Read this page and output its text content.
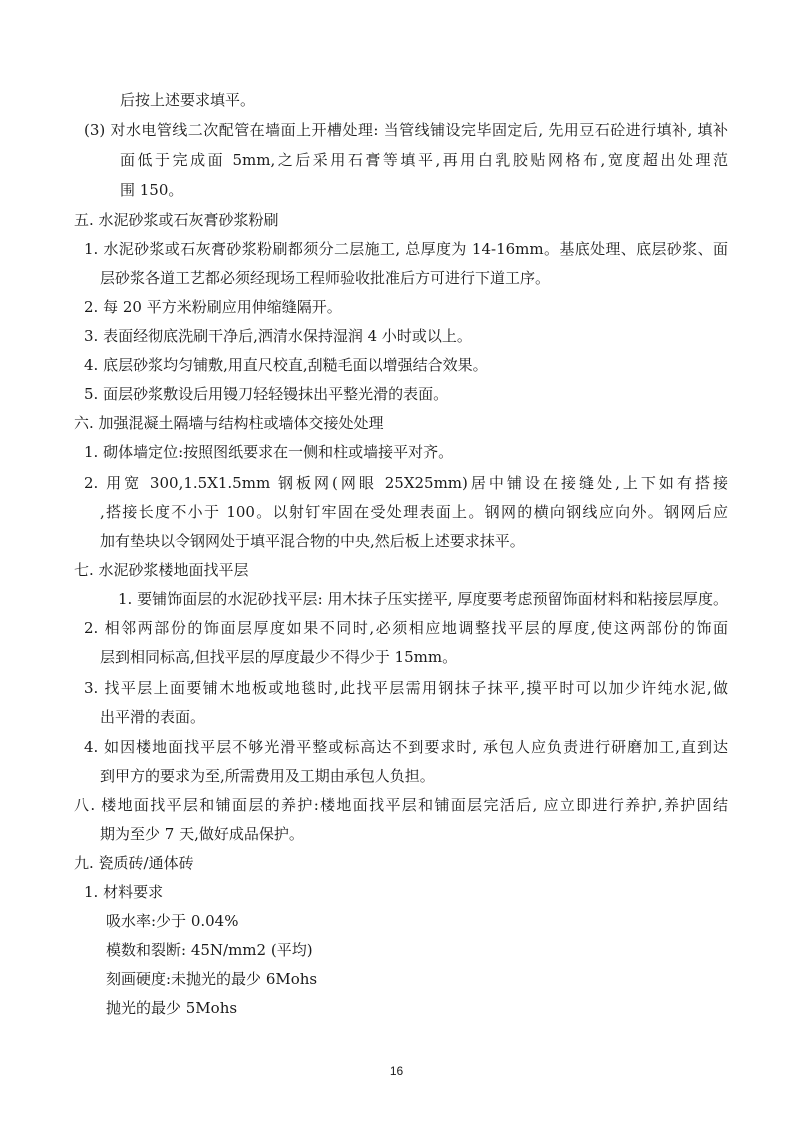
后按上述要求填平。
(3) 对水电管线二次配管在墙面上开槽处理: 当管线铺设完毕固定后, 先用豆石砼进行填补, 填补
面低于完成面 5mm,之后采用石膏等填平,再用白乳胶贴网格布,宽度超出处理范
围 150。
五. 水泥砂浆或石灰膏砂浆粉刷
1. 水泥砂浆或石灰膏砂浆粉刷都须分二层施工, 总厚度为 14-16mm。基底处理、底层砂浆、面
层砂浆各道工艺都必须经现场工程师验收批准后方可进行下道工序。
2. 每 20 平方米粉刷应用伸缩缝隔开。
3. 表面经彻底洗刷干净后,洒清水保持湿润 4 小时或以上。
4. 底层砂浆均匀铺敷,用直尺校直,刮糙毛面以增强结合效果。
5. 面层砂浆敷设后用镘刀轻轻镘抹出平整光滑的表面。
六. 加强混凝土隔墙与结构柱或墙体交接处处理
1. 砌体墙定位:按照图纸要求在一侧和柱或墙接平对齐。
2. 用宽 300,1.5X1.5mm 钢板网(网眼 25X25mm)居中铺设在接缝处,上下如有搭接
,搭接长度不小于 100。以射钉牢固在受处理表面上。钢网的横向钢线应向外。钢网后应
加有垫块以令钢网处于填平混合物的中央,然后板上述要求抹平。
七. 水泥砂浆楼地面找平层
1. 要铺饰面层的水泥砂找平层: 用木抹子压实搓平, 厚度要考虑预留饰面材料和粘接层厚度。
2. 相邻两部份的饰面层厚度如果不同时,必须相应地调整找平层的厚度,使这两部份的饰面
层到相同标高,但找平层的厚度最少不得少于 15mm。
3. 找平层上面要铺木地板或地毯时,此找平层需用钢抹子抹平,摸平时可以加少许纯水泥,做
出平滑的表面。
4. 如因楼地面找平层不够光滑平整或标高达不到要求时, 承包人应负责进行研磨加工,直到达
到甲方的要求为至,所需费用及工期由承包人负担。
八. 楼地面找平层和铺面层的养护:楼地面找平层和铺面层完活后, 应立即进行养护,养护固结
期为至少 7 天,做好成品保护。
九. 瓷质砖/通体砖
1. 材料要求
吸水率:少于 0.04%
模数和裂断: 45N/mm2 (平均)
刻画硬度:未抛光的最少 6Mohs
抛光的最少 5Mohs
16
